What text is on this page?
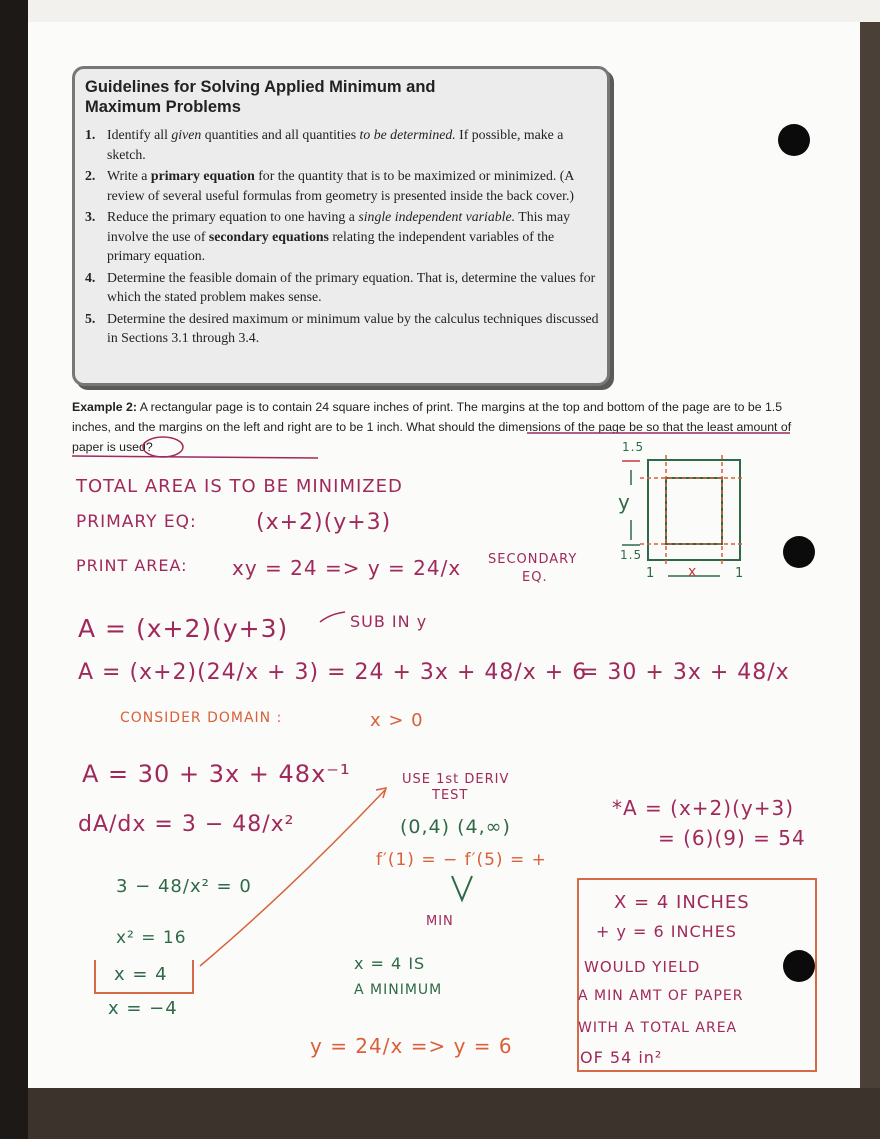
Guidelines for Solving Applied Minimum and
Maximum Problems
1. Identify all given quantities and all quantities to be determined. If possible, make a sketch.
2. Write a primary equation for the quantity that is to be maximized or minimized. (A review of several useful formulas from geometry is presented inside the back cover.)
3. Reduce the primary equation to one having a single independent variable. This may involve the use of secondary equations relating the independent variables of the primary equation.
4. Determine the feasible domain of the primary equation. That is, determine the values for which the stated problem makes sense.
5. Determine the desired maximum or minimum value by the calculus techniques discussed in Sections 3.1 through 3.4.
Example 2: A rectangular page is to contain 24 square inches of print. The margins at the top and bottom of the page are to be 1.5 inches, and the margins on the left and right are to be 1 inch. What should the dimensions of the page be so that the least amount of paper is used?	1.5
y
1.5
1 x	1
TOTAL AREA IS TO BE MINIMIZED
PRIMARY EQ:	(x+2)(y+3)
PRINT AREA: xy = 24 => y = 24/x SECONDARY
EQ.
A = (x+2)(y+3)	SUB IN y
A = (x+2)(24/x + 3) = 24 + 3x + 48/x + 6
= 30 + 3x + 48/x
CONSIDER DOMAIN :	x > 0
A = 30 + 3x + 48x⁻¹
dA/dx = 3 − 48/x²
3 − 48/x² = 0
x² = 16
x = 4
x = −4
USE 1st DERIV
TEST
(0,4) (4,∞)
f′(1) = − f′(5) = +
MIN
x = 4 IS
A MINIMUM
y = 24/x => y = 6
*A = (x+2)(y+3)
= (6)(9) = 54
X = 4 INCHES
+ y = 6 INCHES
WOULD YIELD
A MIN AMT OF PAPER
WITH A TOTAL AREA
OF 54 in²
